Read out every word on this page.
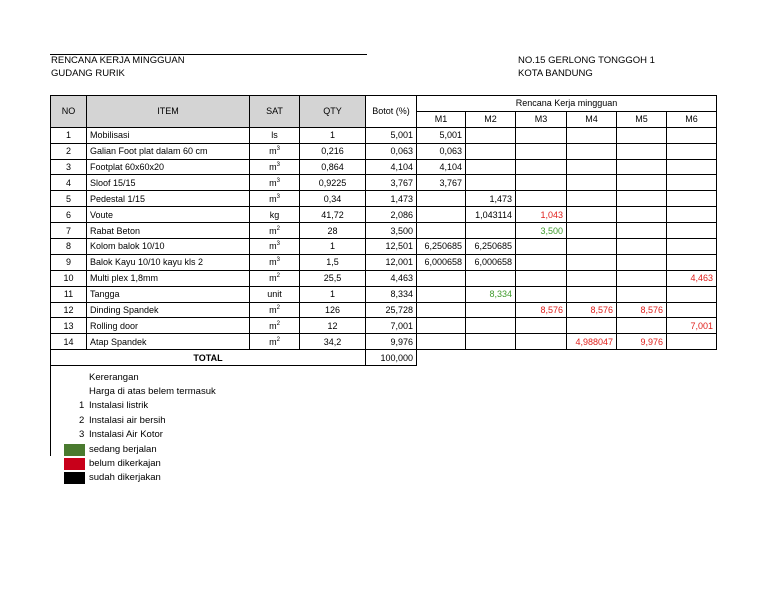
RENCANA KERJA MINGGUAN
GUDANG RURIK
NO.15 GERLONG TONGGOH 1
KOTA BANDUNG
NO	ITEM	SAT	QTY	Botot (%)	Rencana Kerja mingguan					
					M1	M2	M3	M4	M5	M6
1	Mobilisasi	ls	1	5,001	5,001					
2	Galian Foot plat dalam 60 cm	$m^3$	0,216	0,063	0,063					
3	Footplat 60x60x20	$m^3$	0,864	4,104	4,104					
4	Sloof 15/15	$m^3$	0,9225	3,767	3,767					
5	Pedestal 1/15	$m^3$	0,34	1,473		1,473				
6	Voute	kg	41,72	2,086		1,043114	1,043			
7	Rabat Beton	$m^2$	28	3,500			3,500			
8	Kolom balok 10/10	$m^3$	1	12,501	6,250685	6,250685				
9	Balok Kayu 10/10 kayu kls 2	$m^3$	1,5	12,001	6,000658	6,000658				
10	Multi plex 1,8mm	$m^2$	25,5	4,463						4,463
11	Tangga	unit	1	8,334		8,334				
12	Dinding Spandek	$m^2$	126	25,728			8,576	8,576	8,576	
13	Rolling door	$m^2$	12	7,001						7,001
14	Atap Spandek	$m^2$	34,2	9,976				4,988047	9,976	
TOTAL				100,000						
Kererangan
Harga di atas belem termasuk
1 Instalasi listrik
2 Instalasi air bersih
3 Instalasi Air Kotor
sedang berjalan
belum dikerkajan
sudah dikerjakan
